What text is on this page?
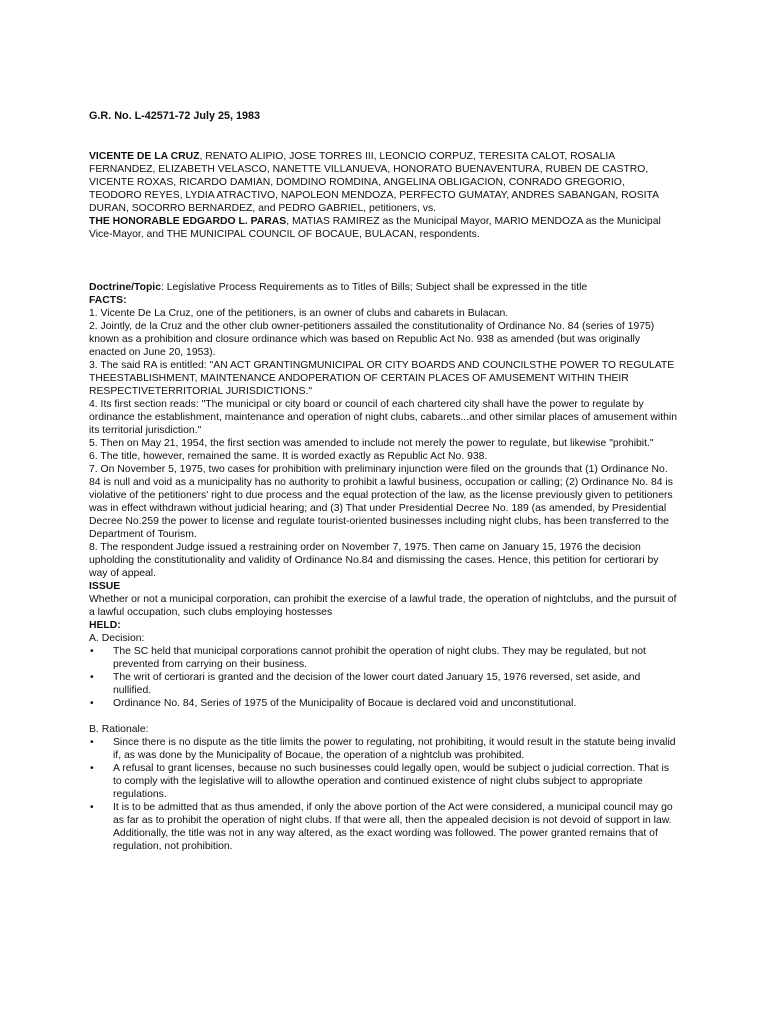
G.R. No. L-42571-72 July 25, 1983

VICENTE DE LA CRUZ, RENATO ALIPIO, JOSE TORRES III, LEONCIO CORPUZ, TERESITA CALOT, ROSALIA FERNANDEZ, ELIZABETH VELASCO, NANETTE VILLANUEVA, HONORATO BUENAVENTURA, RUBEN DE CASTRO, VICENTE ROXAS, RICARDO DAMIAN, DOMDINO ROMDINA, ANGELINA OBLIGACION, CONRADO GREGORIO, TEODORO REYES, LYDIA ATRACTIVO, NAPOLEON MENDOZA, PERFECTO GUMATAY, ANDRES SABANGAN, ROSITA DURAN, SOCORRO BERNARDEZ, and PEDRO GABRIEL, petitioners, vs.

THE HONORABLE EDGARDO L. PARAS, MATIAS RAMIREZ as the Municipal Mayor, MARIO MENDOZA as the Municipal Vice-Mayor, and THE MUNICIPAL COUNCIL OF BOCAUE, BULACAN, respondents.

Doctrine/Topic: Legislative Process Requirements as to Titles of Bills; Subject shall be expressed in the title

FACTS:

1. Vicente De La Cruz, one of the petitioners, is an owner of clubs and cabarets in Bulacan.

2. Jointly, de la Cruz and the other club owner-petitioners assailed the constitutionality of Ordinance No. 84 (series of 1975) known as a prohibition and closure ordinance which was based on Republic Act No. 938 as amended (but was originally enacted on June 20, 1953).

3. The said RA is entitled: "AN ACT GRANTINGMUNICIPAL OR CITY BOARDS AND COUNCILSTHE POWER TO REGULATE THEESTABLISHMENT, MAINTENANCE ANDOPERATION OF CERTAIN PLACES OF AMUSEMENT WITHIN THEIR RESPECTIVETERRITORIAL JURISDICTIONS."

4. Its first section reads: "The municipal or city board or council of each chartered city shall have the power to regulate by ordinance the establishment, maintenance and operation of night clubs, cabarets...and other similar places of amusement within its territorial jurisdiction."

5. Then on May 21, 1954, the first section was amended to include not merely the power to regulate, but likewise "prohibit."

6. The title, however, remained the same. It is worded exactly as Republic Act No. 938.

7. On November 5, 1975, two cases for prohibition with preliminary injunction were filed on the grounds that (1) Ordinance No. 84 is null and void as a municipality has no authority to prohibit a lawful business, occupation or calling; (2) Ordinance No. 84 is violative of the petitioners' right to due process and the equal protection of the law, as the license previously given to petitioners was in effect withdrawn without judicial hearing; and (3) That under Presidential Decree No. 189 (as amended, by Presidential Decree No.259 the power to license and regulate tourist-oriented businesses including night clubs, has been transferred to the Department of Tourism.

8. The respondent Judge issued a restraining order on November 7, 1975. Then came on January 15, 1976 the decision upholding the constitutionality and validity of Ordinance No.84 and dismissing the cases. Hence, this petition for certiorari by way of appeal.

ISSUE

Whether or not a municipal corporation, can prohibit the exercise of a lawful trade, the operation of nightclubs, and the pursuit of a lawful occupation, such clubs employing hostesses

HELD:

A. Decision:

• The SC held that municipal corporations cannot prohibit the operation of night clubs. They may be regulated, but not prevented from carrying on their business.
• The writ of certiorari is granted and the decision of the lower court dated January 15, 1976 reversed, set aside, and nullified.
• Ordinance No. 84, Series of 1975 of the Municipality of Bocaue is declared void and unconstitutional.

B. Rationale:

• Since there is no dispute as the title limits the power to regulating, not prohibiting, it would result in the statute being invalid if, as was done by the Municipality of Bocaue, the operation of a nightclub was prohibited.
• A refusal to grant licenses, because no such businesses could legally open, would be subject o judicial correction. That is to comply with the legislative will to allowthe operation and continued existence of night clubs subject to appropriate regulations.
• It is to be admitted that as thus amended, if only the above portion of the Act were considered, a municipal council may go as far as to prohibit the operation of night clubs. If that were all, then the appealed decision is not devoid of support in law. Additionally, the title was not in any way altered, as the exact wording was followed. The power granted remains that of regulation, not prohibition.
